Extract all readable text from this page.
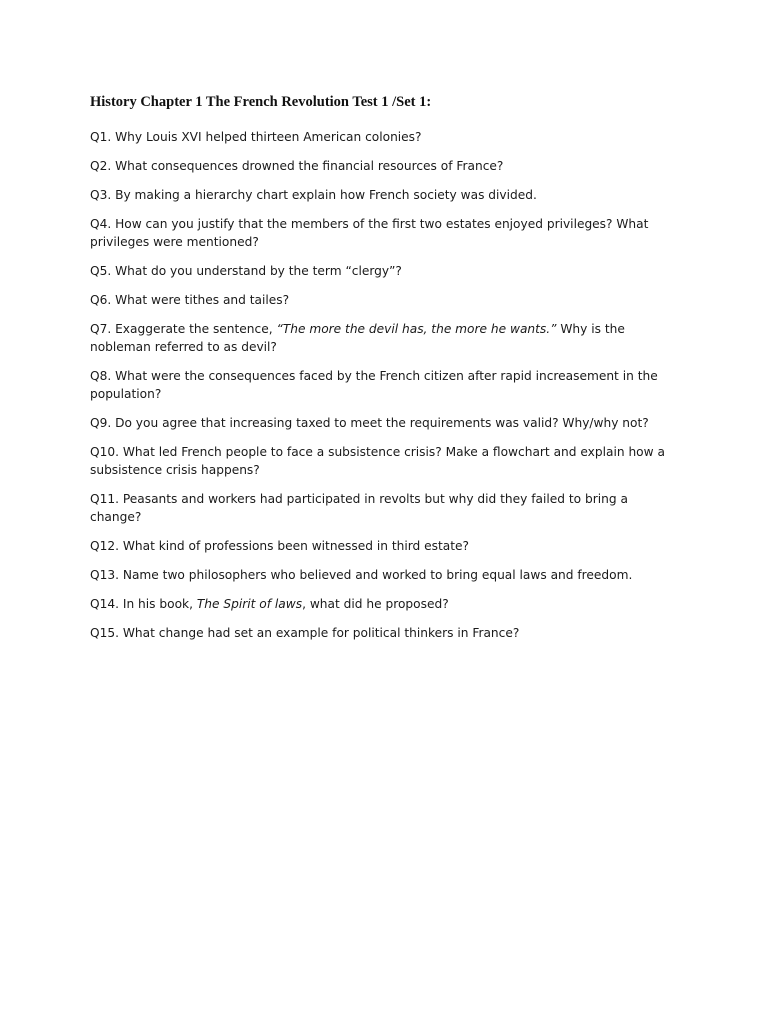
History Chapter 1 The French Revolution Test 1 /Set 1:
Q1. Why Louis XVI helped thirteen American colonies?
Q2. What consequences drowned the financial resources of France?
Q3. By making a hierarchy chart explain how French society was divided.
Q4. How can you justify that the members of the first two estates enjoyed privileges? What privileges were mentioned?
Q5. What do you understand by the term “clergy”?
Q6. What were tithes and tailes?
Q7. Exaggerate the sentence, “The more the devil has, the more he wants.” Why is the nobleman referred to as devil?
Q8. What were the consequences faced by the French citizen after rapid increasement in the population?
Q9. Do you agree that increasing taxed to meet the requirements was valid? Why/why not?
Q10. What led French people to face a subsistence crisis? Make a flowchart and explain how a subsistence crisis happens?
Q11. Peasants and workers had participated in revolts but why did they failed to bring a change?
Q12. What kind of professions been witnessed in third estate?
Q13. Name two philosophers who believed and worked to bring equal laws and freedom.
Q14. In his book, The Spirit of laws, what did he proposed?
Q15. What change had set an example for political thinkers in France?
